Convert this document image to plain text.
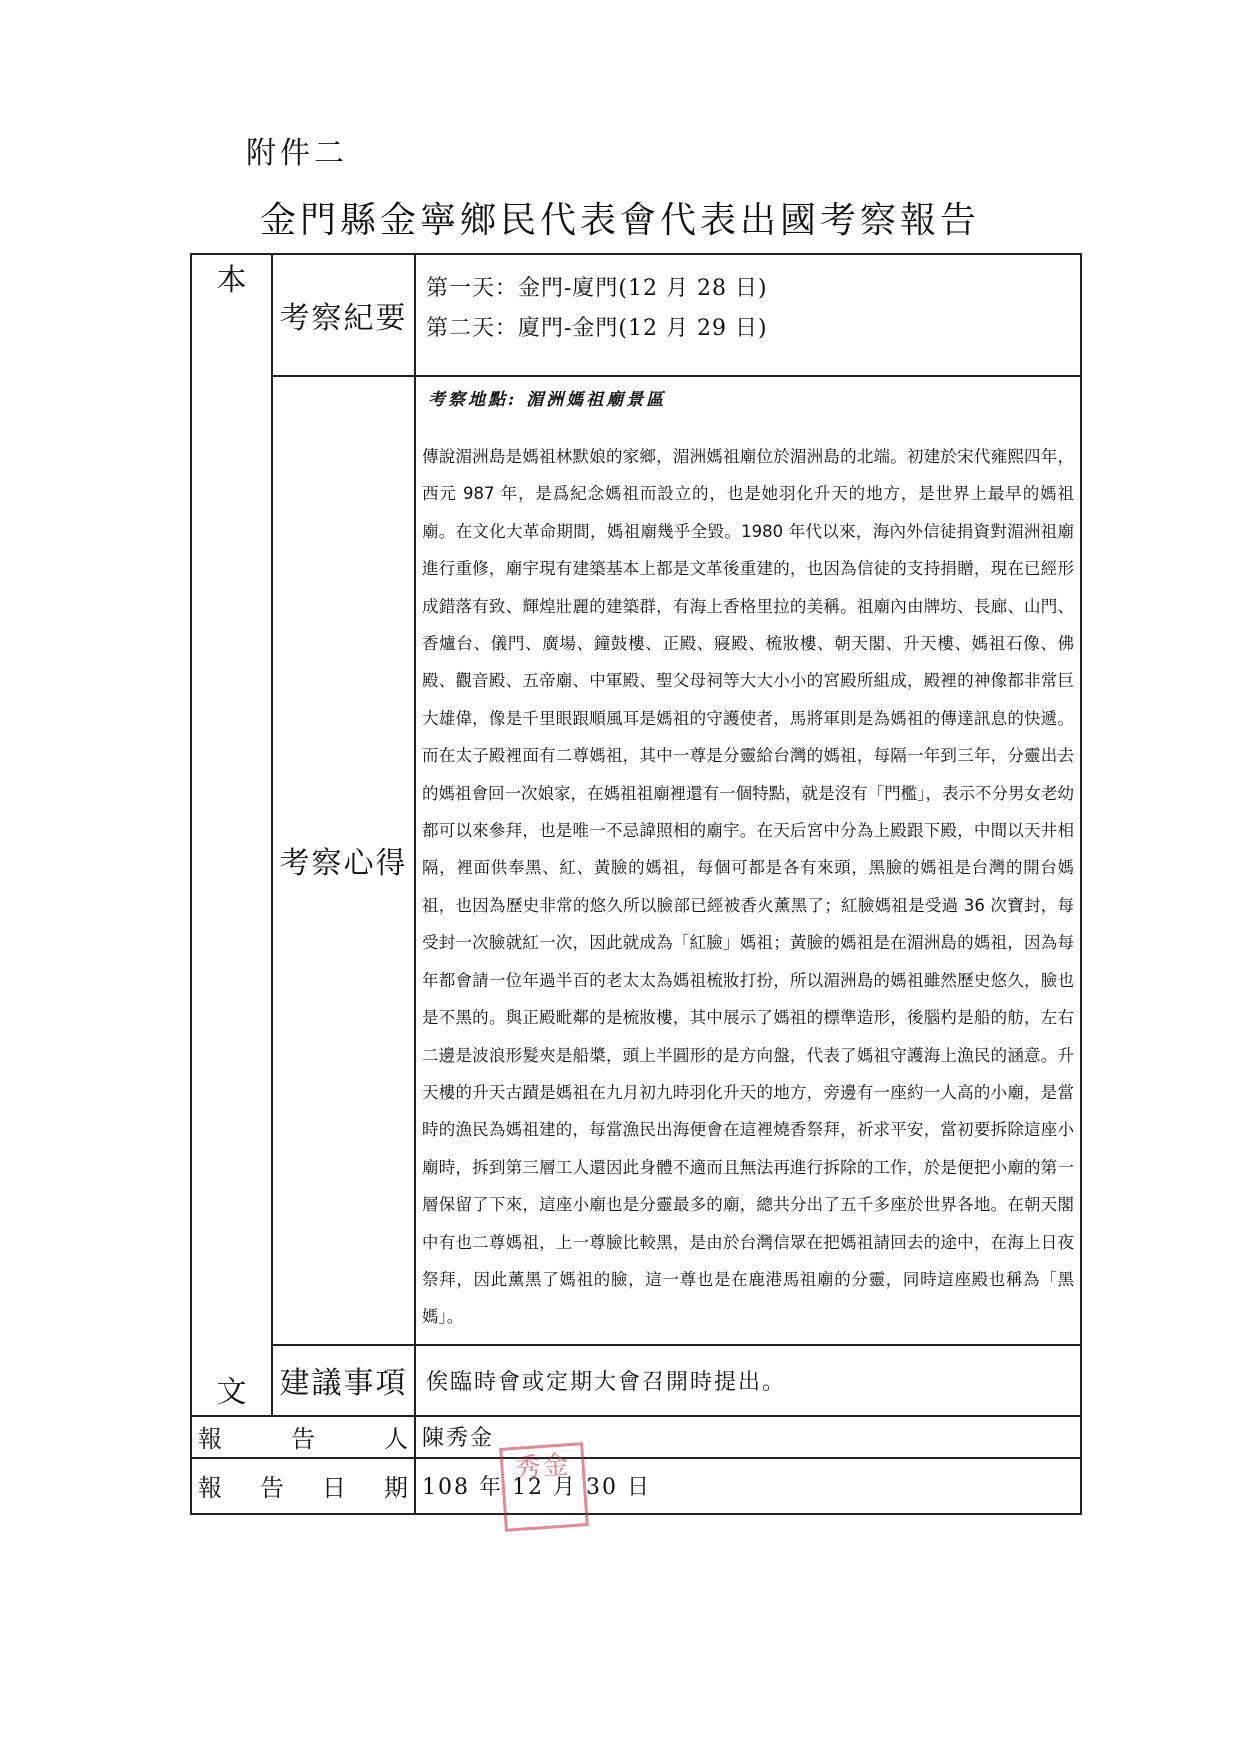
附件二
金門縣金寧鄉民代表會代表出國考察報告
本	考察紀要	第一天：金門-廈門(12 月 28 日)
第二天：廈門-金門(12 月 29 日)

	考察心得	考察地點: 湄洲媽祖廟景區

傳說湄洲島是媽祖林默娘的家鄉，湄洲媽祖廟位於湄洲島的北端。初建於宋代雍熙四年，西元 987 年，是爲紀念媽祖而設立的，也是她羽化升天的地方，是世界上最早的媽祖廟。在文化大革命期間，媽祖廟幾乎全毀。1980 年代以來，海內外信徒捐資對湄洲祖廟進行重修，廟宇現有建築基本上都是文革後重建的，也因為信徒的支持捐贈，現在已經形成錯落有致、輝煌壯麗的建築群，有海上香格里拉的美稱。祖廟內由牌坊、長廊、山門、香爐台、儀門、廣場、鐘鼓樓、正殿、寢殿、梳妝樓、朝天閣、升天樓、媽祖石像、佛殿、觀音殿、五帝廟、中軍殿、聖父母祠等大大小小的宮殿所組成，殿裡的神像都非常巨大雄偉，像是千里眼跟順風耳是媽祖的守護使者，馬將軍則是為媽祖的傳達訊息的快遞。而在太子殿裡面有二尊媽祖，其中一尊是分靈給台灣的媽祖，每隔一年到三年，分靈出去的媽祖會回一次娘家，在媽祖祖廟裡還有一個特點，就是沒有「門檻」，表示不分男女老幼都可以來參拜，也是唯一不忌諱照相的廟宇。在天后宮中分為上殿跟下殿，中間以天井相隔，裡面供奉黑、紅、黃臉的媽祖，每個可都是各有來頭，黑臉的媽祖是台灣的開台媽祖，也因為歷史非常的悠久所以臉部已經被香火薰黑了；紅臉媽祖是受過 36 次寶封，每受封一次臉就紅一次，因此就成為「紅臉」媽祖；黃臉的媽祖是在湄洲島的媽祖，因為每年都會請一位年過半百的老太太為媽祖梳妝打扮，所以湄洲島的媽祖雖然歷史悠久，臉也是不黑的。與正殿毗鄰的是梳妝樓，其中展示了媽祖的標準造形，後腦杓是船的舫，左右二邊是波浪形髮夾是船槳，頭上半圓形的是方向盤，代表了媽祖守護海上漁民的涵意。升天樓的升天古蹟是媽祖在九月初九時羽化升天的地方，旁邊有一座約一人高的小廟，是當時的漁民為媽祖建的，每當漁民出海便會在這裡燒香祭拜，祈求平安，當初要拆除這座小廟時，拆到第三層工人還因此身體不適而且無法再進行拆除的工作，於是便把小廟的第一層保留了下來，這座小廟也是分靈最多的廟，總共分出了五千多座於世界各地。在朝天閣中有也二尊媽祖，上一尊臉比較黑，是由於台灣信眾在把媽祖請回去的途中，在海上日夜祭拜，因此薰黑了媽祖的臉，這一尊也是在鹿港馬祖廟的分靈，同時這座殿也稱為「黑媽」。

文	建議事項	俟臨時會或定期大會召開時提出。

報 告 人		陳秀金

報 告 日 期		108 年 12 月 30 日
秀金
